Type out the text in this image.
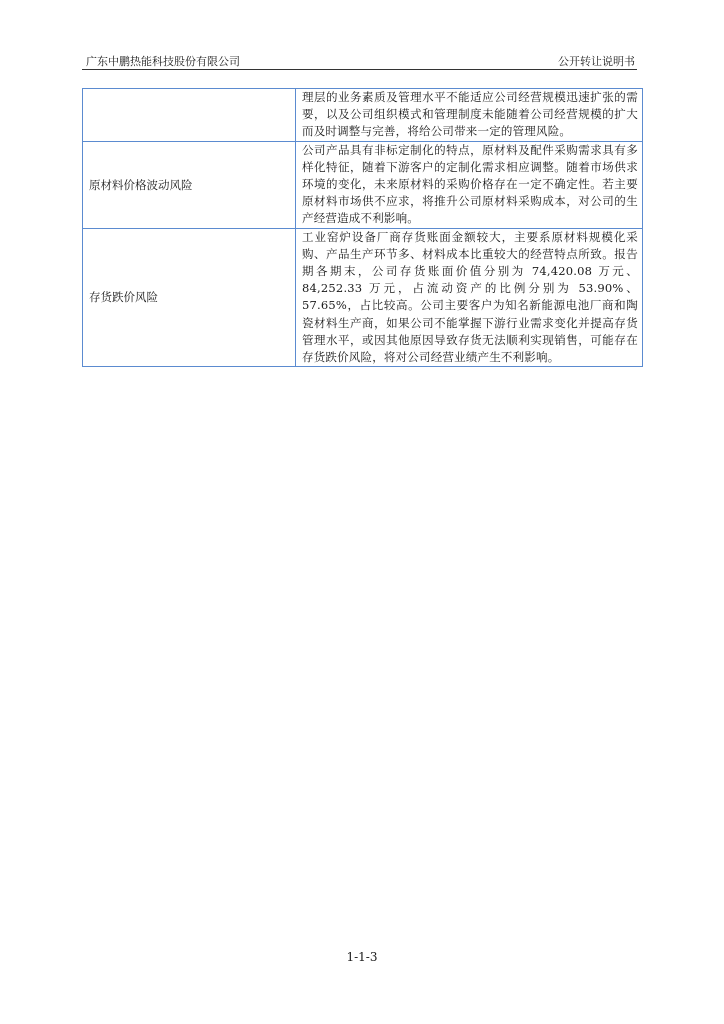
广东中鹏热能科技股份有限公司	公开转让说明书
	理层的业务素质及管理水平不能适应公司经营规模迅速扩张的需要，以及公司组织模式和管理制度未能随着公司经营规模的扩大而及时调整与完善，将给公司带来一定的管理风险。
原材料价格波动风险	公司产品具有非标定制化的特点，原材料及配件采购需求具有多样化特征，随着下游客户的定制化需求相应调整。随着市场供求环境的变化，未来原材料的采购价格存在一定不确定性。若主要原材料市场供不应求，将推升公司原材料采购成本，对公司的生产经营造成不利影响。
存货跌价风险	工业窑炉设备厂商存货账面金额较大，主要系原材料规模化采购、产品生产环节多、材料成本比重较大的经营特点所致。报告期各期末，公司存货账面价值分别为 74,420.08 万元、84,252.33 万元，占流动资产的比例分别为 53.90%、57.65%，占比较高。公司主要客户为知名新能源电池厂商和陶瓷材料生产商，如果公司不能掌握下游行业需求变化并提高存货管理水平，或因其他原因导致存货无法顺利实现销售，可能存在存货跌价风险，将对公司经营业绩产生不利影响。
1-1-3
